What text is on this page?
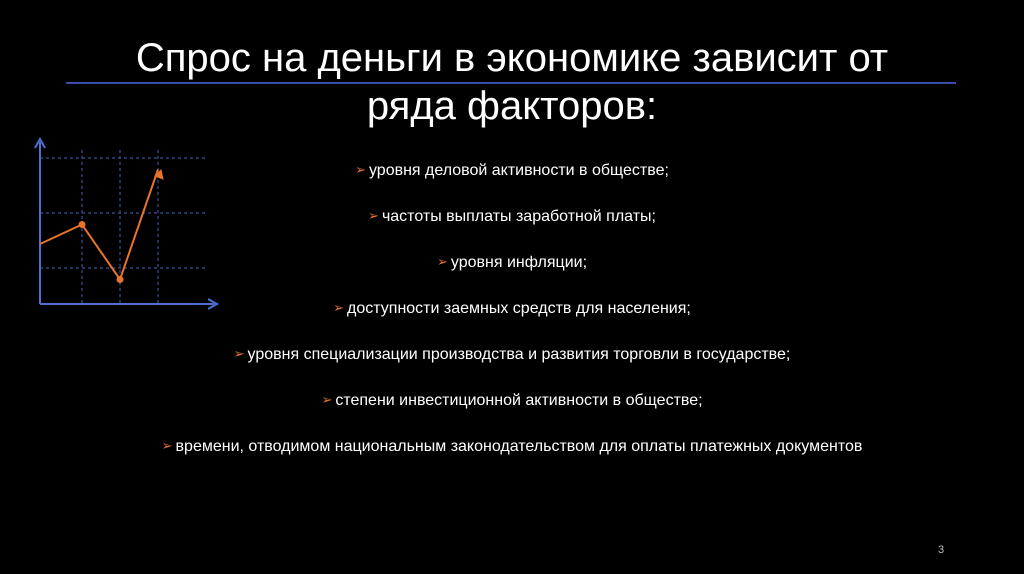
Спрос на деньги в экономике зависит от
ряда факторов:
➢ уровня деловой активности в обществе;
➢ частоты выплаты заработной платы;
➢ уровня инфляции;
➢ доступности заемных средств для населения;
➢ уровня специализации производства и развития торговли в государстве;
➢ степени инвестиционной активности в обществе;
➢ времени, отводимом национальным законодательством для оплаты платежных документов
3
